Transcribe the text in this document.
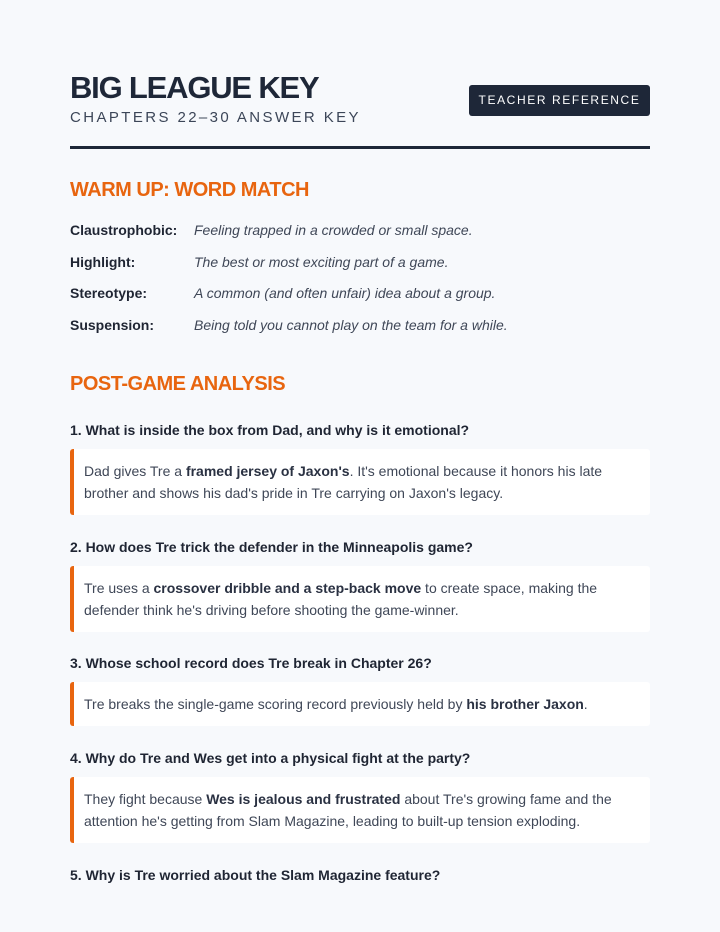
BIG LEAGUE KEY
CHAPTERS 22–30 ANSWER KEY
TEACHER REFERENCE
WARM UP: WORD MATCH
Claustrophobic:	Feeling trapped in a crowded or small space.
Highlight:	The best or most exciting part of a game.
Stereotype:	A common (and often unfair) idea about a group.
Suspension:	Being told you cannot play on the team for a while.
POST-GAME ANALYSIS

1. What is inside the box from Dad, and why is it emotional?

Dad gives Tre a framed jersey of Jaxon's. It's emotional because it honors his late brother and shows his dad's pride in Tre carrying on Jaxon's legacy.

2. How does Tre trick the defender in the Minneapolis game?

Tre uses a crossover dribble and a step-back move to create space, making the defender think he's driving before shooting the game-winner.

3. Whose school record does Tre break in Chapter 26?

Tre breaks the single-game scoring record previously held by his brother Jaxon.

4. Why do Tre and Wes get into a physical fight at the party?

They fight because Wes is jealous and frustrated about Tre's growing fame and the attention he's getting from Slam Magazine, leading to built-up tension exploding.

5. Why is Tre worried about the Slam Magazine feature?
